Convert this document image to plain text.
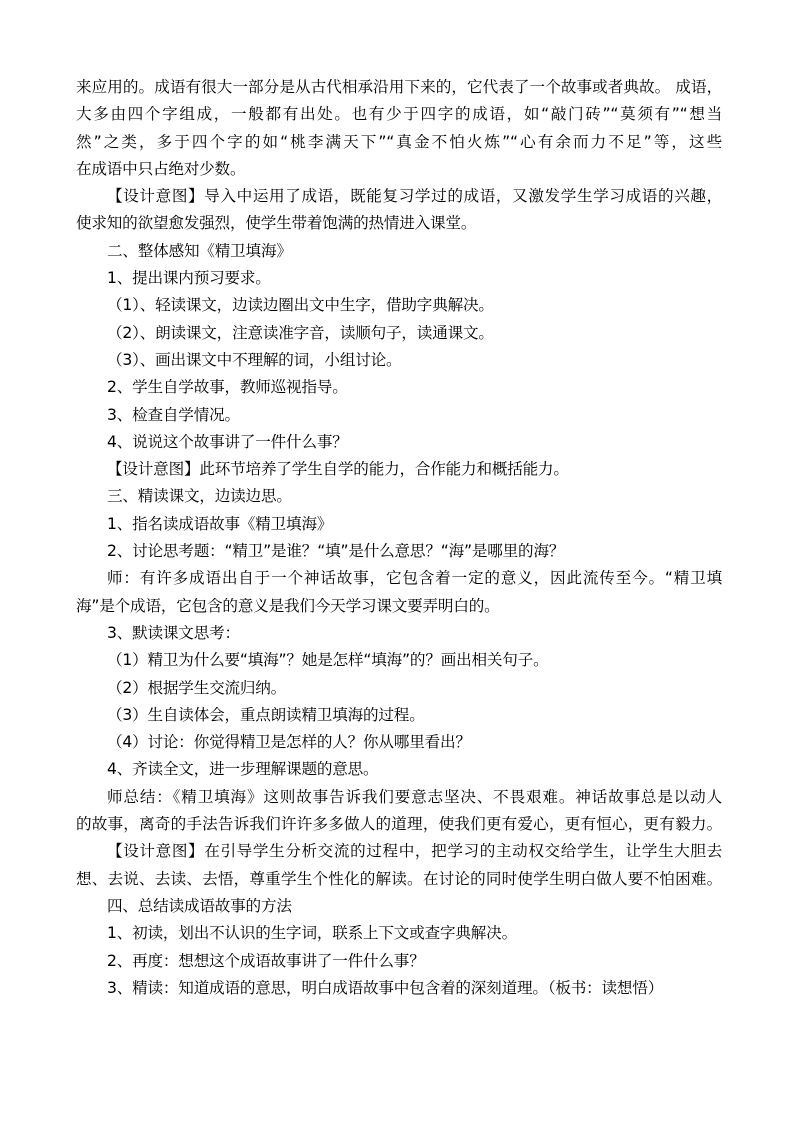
来应用的。成语有很大一部分是从古代相承沿用下来的，它代表了一个故事或者典故。 成语，
大多由四个字组成，一般都有出处。也有少于四字的成语，如“敲门砖”“莫须有”“想当
然”之类，多于四个字的如“桃李满天下”“真金不怕火炼”“心有余而力不足”等，这些
在成语中只占绝对少数。
【设计意图】导入中运用了成语，既能复习学过的成语，又激发学生学习成语的兴趣，
使求知的欲望愈发强烈，使学生带着饱满的热情进入课堂。
二、整体感知《精卫填海》
1、提出课内预习要求。
（1）、轻读课文，边读边圈出文中生字，借助字典解决。
（2）、朗读课文，注意读准字音，读顺句子，读通课文。
（3）、画出课文中不理解的词，小组讨论。
2、学生自学故事，教师巡视指导。
3、检查自学情况。
4、说说这个故事讲了一件什么事？
【设计意图】此环节培养了学生自学的能力，合作能力和概括能力。
三、精读课文，边读边思。
1、指名读成语故事《精卫填海》
2、讨论思考题：“精卫”是谁？“填”是什么意思？“海”是哪里的海？
师：有许多成语出自于一个神话故事，它包含着一定的意义，因此流传至今。“精卫填
海”是个成语，它包含的意义是我们今天学习课文要弄明白的。
3、默读课文思考：
（1）精卫为什么要“填海”？她是怎样“填海”的？画出相关句子。
（2）根据学生交流归纳。
（3）生自读体会，重点朗读精卫填海的过程。
（4）讨论：你觉得精卫是怎样的人？你从哪里看出？
4、齐读全文，进一步理解课题的意思。
师总结：《精卫填海》这则故事告诉我们要意志坚决、不畏艰难。神话故事总是以动人
的故事，离奇的手法告诉我们许许多多做人的道理，使我们更有爱心，更有恒心，更有毅力。
【设计意图】在引导学生分析交流的过程中，把学习的主动权交给学生，让学生大胆去
想、去说、去读、去悟，尊重学生个性化的解读。在讨论的同时使学生明白做人要不怕困难。
四、总结读成语故事的方法
1、初读，划出不认识的生字词，联系上下文或查字典解决。
2、再度：想想这个成语故事讲了一件什么事？
3、精读：知道成语的意思，明白成语故事中包含着的深刻道理。（板书：读想悟）
